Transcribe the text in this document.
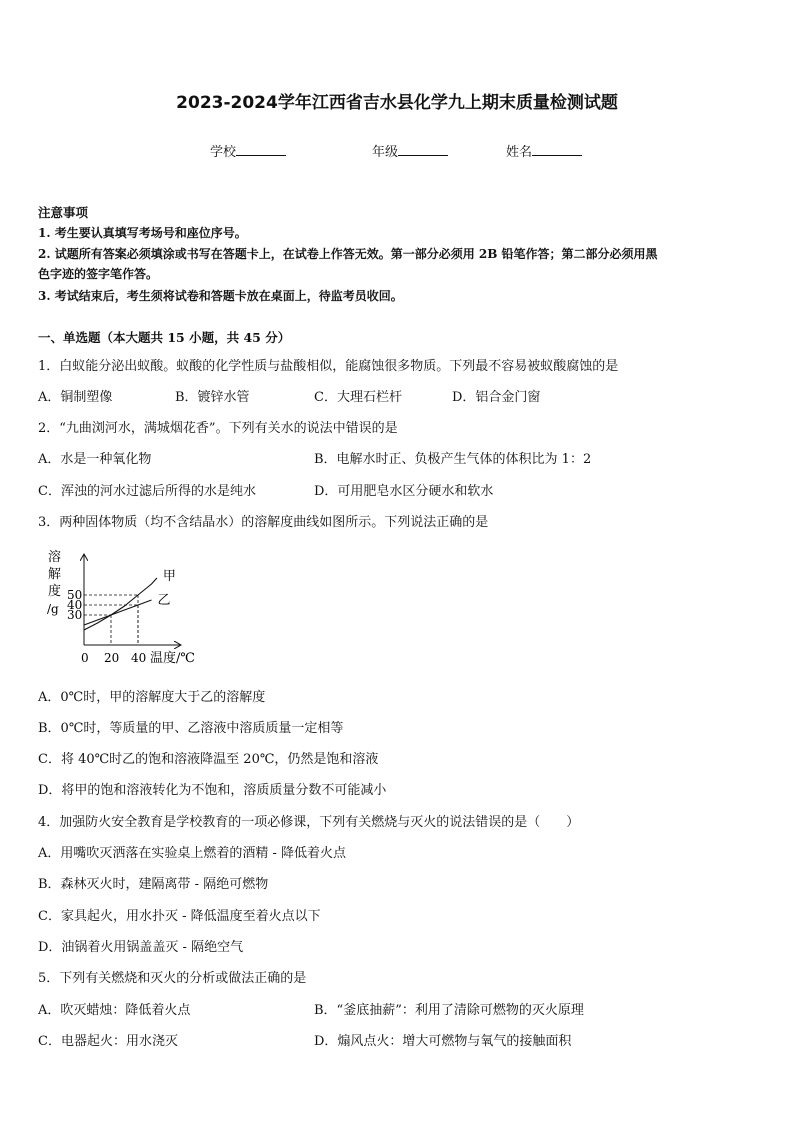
2023-2024学年江西省吉水县化学九上期末质量检测试题
学校	年级	姓名
注意事项
1. 考生要认真填写考场号和座位序号。
2. 试题所有答案必须填涂或书写在答题卡上，在试卷上作答无效。第一部分必须用 2B 铅笔作答；第二部分必须用黑
色字迹的签字笔作答。
3. 考试结束后，考生须将试卷和答题卡放在桌面上，待监考员收回。
一、单选题（本大题共 15 小题，共 45 分）
1．白蚁能分泌出蚁酸。蚁酸的化学性质与盐酸相似，能腐蚀很多物质。下列最不容易被蚁酸腐蚀的是
A．铜制塑像	B．镀锌水管	C．大理石栏杆	D．铝合金门窗
2．“九曲浏河水，满城烟花香”。下列有关水的说法中错误的是
A．水是一种氧化物	B．电解水时正、负极产生气体的体积比为 1：2
C．浑浊的河水过滤后所得的水是纯水	D．可用肥皂水区分硬水和软水
3．两种固体物质（均不含结晶水）的溶解度曲线如图所示。下列说法正确的是
溶
解
度
/g
甲
乙
0 20 40
50
40
30
温度/℃
A．0℃时，甲的溶解度大于乙的溶解度
B．0℃时，等质量的甲、乙溶液中溶质质量一定相等
C．将 40℃时乙的饱和溶液降温至 20℃，仍然是饱和溶液
D．将甲的饱和溶液转化为不饱和，溶质质量分数不可能减小
4．加强防火安全教育是学校教育的一项必修课，下列有关燃烧与灭火的说法错误的是（　　）
A．用嘴吹灭洒落在实验桌上燃着的酒精 - 降低着火点
B．森林灭火时，建隔离带 - 隔绝可燃物
C．家具起火，用水扑灭 - 降低温度至着火点以下
D．油锅着火用锅盖盖灭 - 隔绝空气
5．下列有关燃烧和灭火的分析或做法正确的是
A．吹灭蜡烛：降低着火点	B．“釜底抽薪”：利用了清除可燃物的灭火原理
C．电器起火：用水浇灭	D．煽风点火：增大可燃物与氧气的接触面积
